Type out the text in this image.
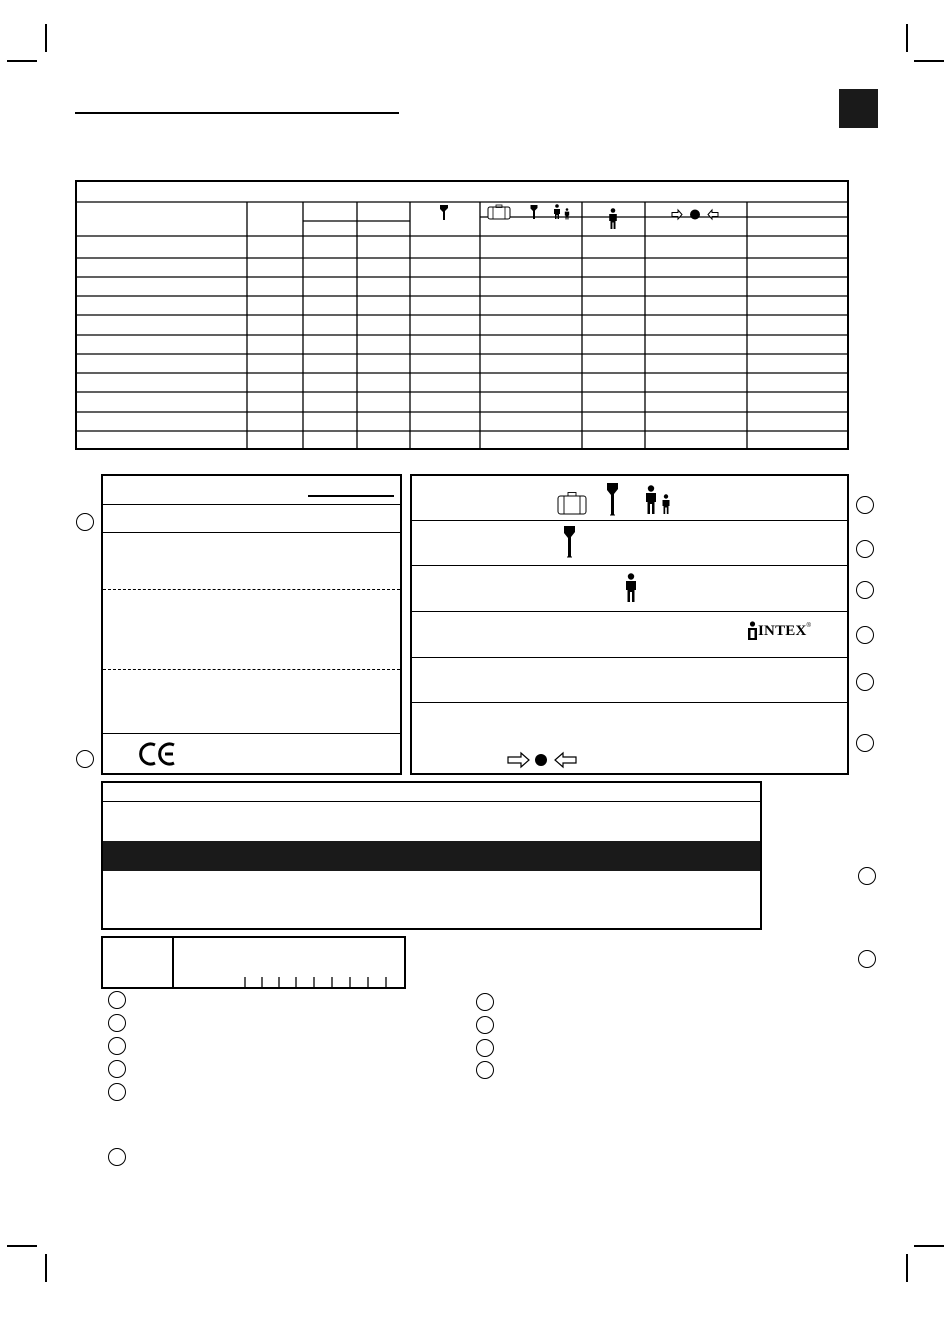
INTEX ®
